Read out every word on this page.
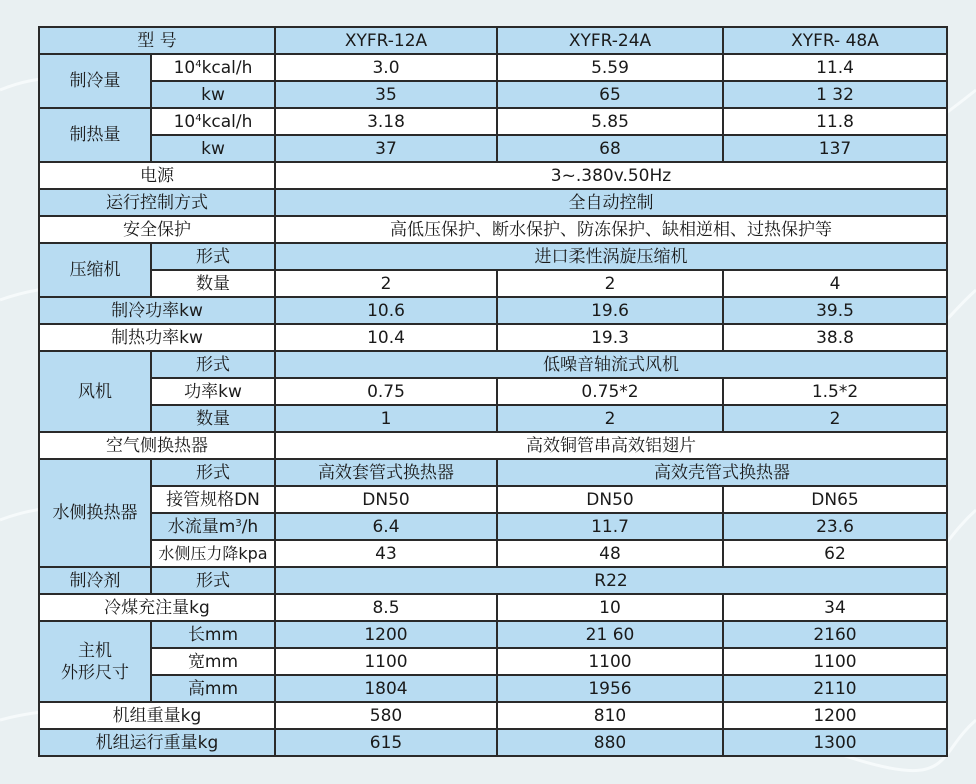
型 号		XYFR-12A	XYFR-24A	XYFR- 48A
制冷量	$10^4kcal/h$	3.0	5.59	11.4
	kw	35	65	1 32
制热量	$10^4kcal/h$	3.18	5.85	11.8
	kw	37	68	137
电源		3~.380v.50Hz		
运行控制方式		全自动控制		
安全保护		高低压保护、断水保护、防冻保护、缺相逆相、过热保护等		
压缩机	形式	进口柔性涡旋压缩机		
	数量	2	2	4
制冷功率kw		10.6	19.6	39.5
制热功率kw		10.4	19.3	38.8
风机	形式	低噪音轴流式风机		
	功率kw	0.75	0.75*2	1.5*2
	数量	1	2	2
空气侧换热器		高效铜管串高效铝翅片		
水侧换热器	形式	高效套管式换热器	高效壳管式换热器	
	接管规格DN	DN50	DN50	DN65
	水流量$m^3/h$	6.4	11.7	23.6
	水侧压力降kpa	43	48	62
制冷剂	形式	R22		
冷煤充注量kg		8.5	10	34
主机
外形尺寸	长mm	1200	21 60	2160
	宽mm	1100	1100	1100
	高mm	1804	1956	2110
机组重量kg		580	810	1200
机组运行重量kg		615	880	1300
